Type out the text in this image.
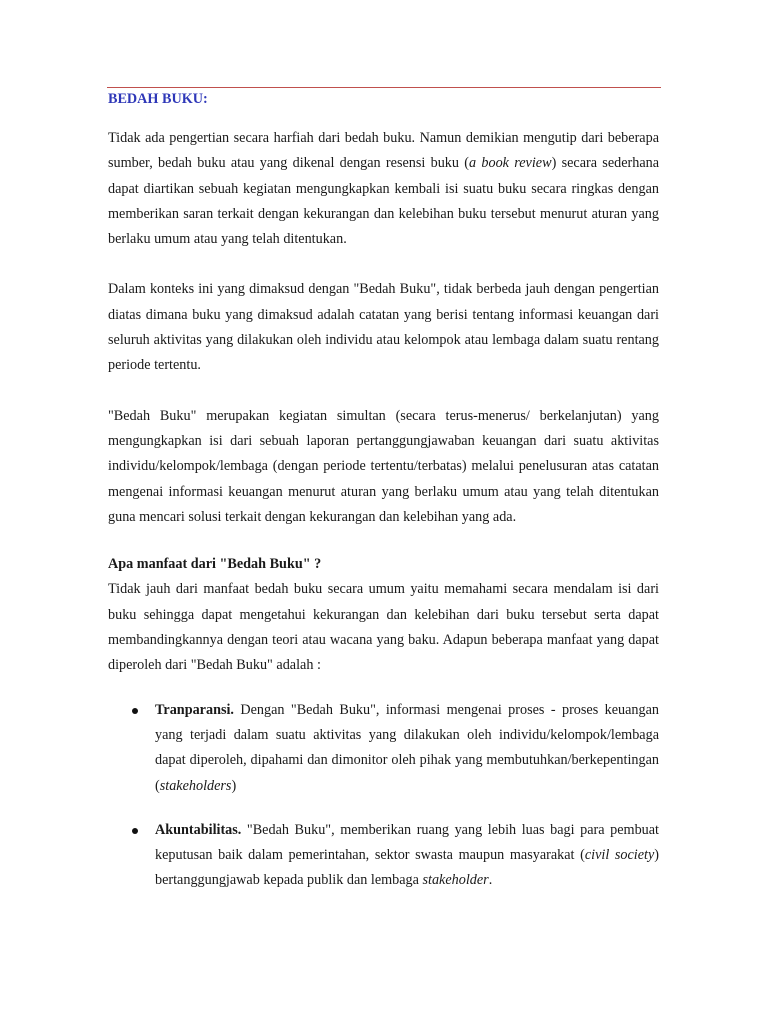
BEDAH BUKU:

Tidak ada pengertian secara harfiah dari bedah buku. Namun demikian mengutip dari beberapa sumber, bedah buku atau yang dikenal dengan resensi buku (a book review) secara sederhana dapat diartikan sebuah kegiatan mengungkapkan kembali isi suatu buku secara ringkas dengan memberikan saran terkait dengan kekurangan dan kelebihan buku tersebut menurut aturan yang berlaku umum atau yang telah ditentukan.

Dalam konteks ini yang dimaksud dengan "Bedah Buku", tidak berbeda jauh dengan pengertian diatas dimana buku yang dimaksud adalah catatan yang berisi tentang informasi keuangan dari seluruh aktivitas yang dilakukan oleh individu atau kelompok atau lembaga dalam suatu rentang periode tertentu.

"Bedah Buku" merupakan kegiatan simultan (secara terus-menerus/ berkelanjutan) yang mengungkapkan isi dari sebuah laporan pertanggungjawaban keuangan dari suatu aktivitas individu/kelompok/lembaga (dengan periode tertentu/terbatas) melalui penelusuran atas catatan mengenai informasi keuangan menurut aturan yang berlaku umum atau yang telah ditentukan guna mencari solusi terkait dengan kekurangan dan kelebihan yang ada.

Apa manfaat dari "Bedah Buku" ?

Tidak jauh dari manfaat bedah buku secara umum yaitu memahami secara mendalam isi dari buku sehingga dapat mengetahui kekurangan dan kelebihan dari buku tersebut serta dapat membandingkannya dengan teori atau wacana yang baku. Adapun beberapa manfaat yang dapat diperoleh dari "Bedah Buku" adalah :

Tranparansi. Dengan "Bedah Buku", informasi mengenai proses - proses keuangan yang terjadi dalam suatu aktivitas yang dilakukan oleh individu/kelompok/lembaga dapat diperoleh, dipahami dan dimonitor oleh pihak yang membutuhkan/berkepentingan (stakeholders)
Akuntabilitas. "Bedah Buku", memberikan ruang yang lebih luas bagi para pembuat keputusan baik dalam pemerintahan, sektor swasta maupun masyarakat (civil society) bertanggungjawab kepada publik dan lembaga stakeholder.
